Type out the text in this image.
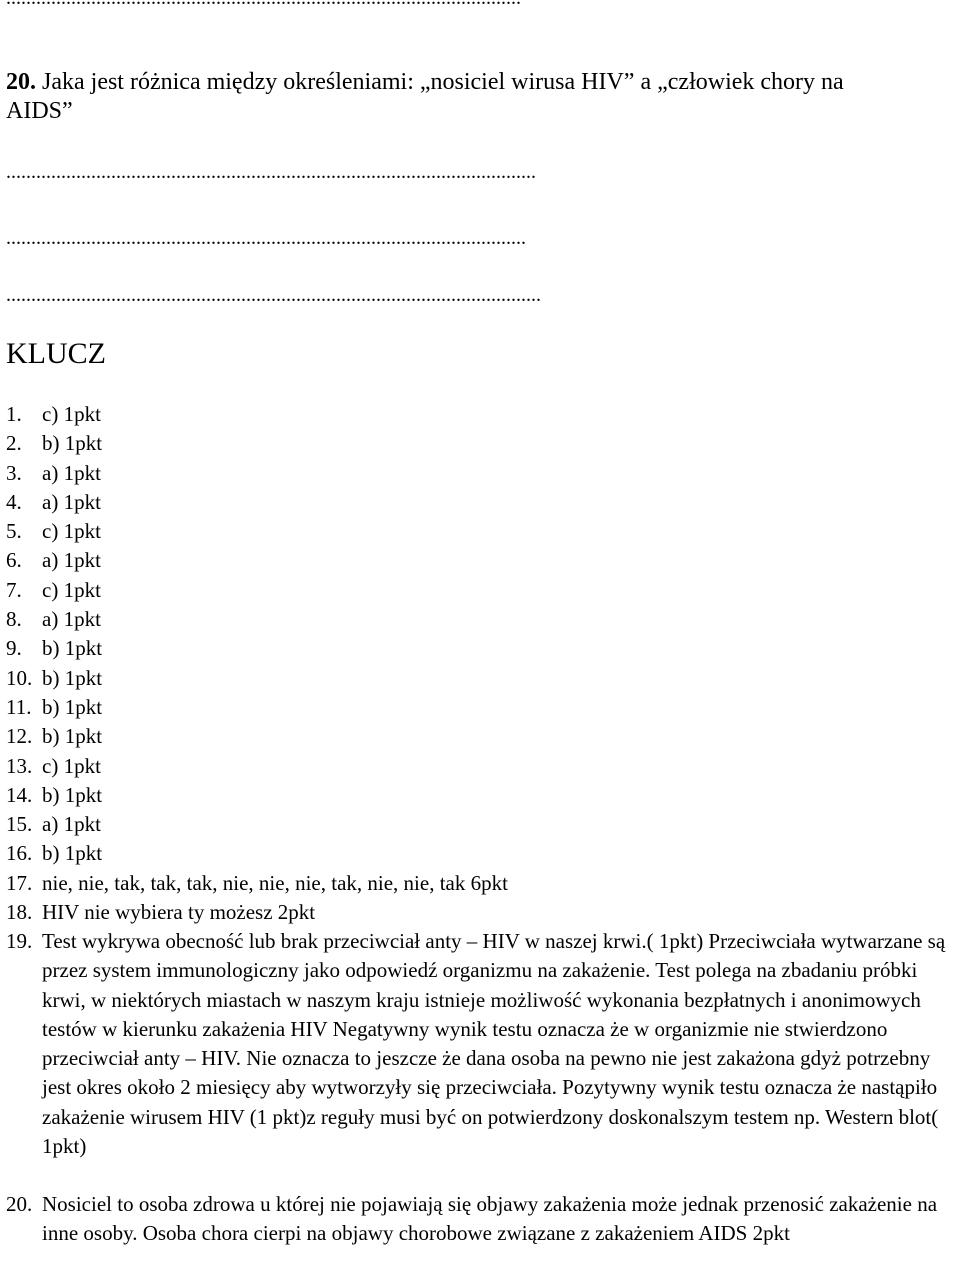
20. Jaka jest różnica między określeniami: „nosiciel wirusa HIV” a „człowiek chory na
AIDS”
..........................................................................................................
........................................................................................................
...........................................................................................................
KLUCZ
1. c) 1pkt
2. b) 1pkt
3. a) 1pkt
4. a) 1pkt
5. c) 1pkt
6. a) 1pkt
7. c) 1pkt
8. a) 1pkt
9. b) 1pkt
10. b) 1pkt
11. b) 1pkt
12. b) 1pkt
13. c) 1pkt
14. b) 1pkt
15. a) 1pkt
16. b) 1pkt
17. nie, nie, tak, tak, tak, nie, nie, nie, tak, nie, nie, tak 6pkt
18. HIV nie wybiera ty możesz 2pkt
19. Test wykrywa obecność lub brak przeciwciał anty – HIV w naszej krwi.( 1pkt) Przeciwciała wytwarzane są przez system immunologiczny jako odpowiedź organizmu na zakażenie. Test polega na zbadaniu próbki krwi, w niektórych miastach w naszym kraju istnieje możliwość wykonania bezpłatnych i anonimowych testów w kierunku zakażenia HIV Negatywny wynik testu oznacza że w organizmie nie stwierdzono przeciwciał anty – HIV. Nie oznacza to jeszcze że dana osoba na pewno nie jest zakażona gdyż potrzebny jest okres około 2 miesięcy aby wytworzyły się przeciwciała. Pozytywny wynik testu oznacza że nastąpiło zakażenie wirusem HIV (1 pkt)z reguły musi być on potwierdzony doskonalszym testem np. Western blot( 1pkt)
20. Nosiciel to osoba zdrowa u której nie pojawiają się objawy zakażenia może jednak przenosić zakażenie na inne osoby. Osoba chora cierpi na objawy chorobowe związane z zakażeniem AIDS 2pkt
